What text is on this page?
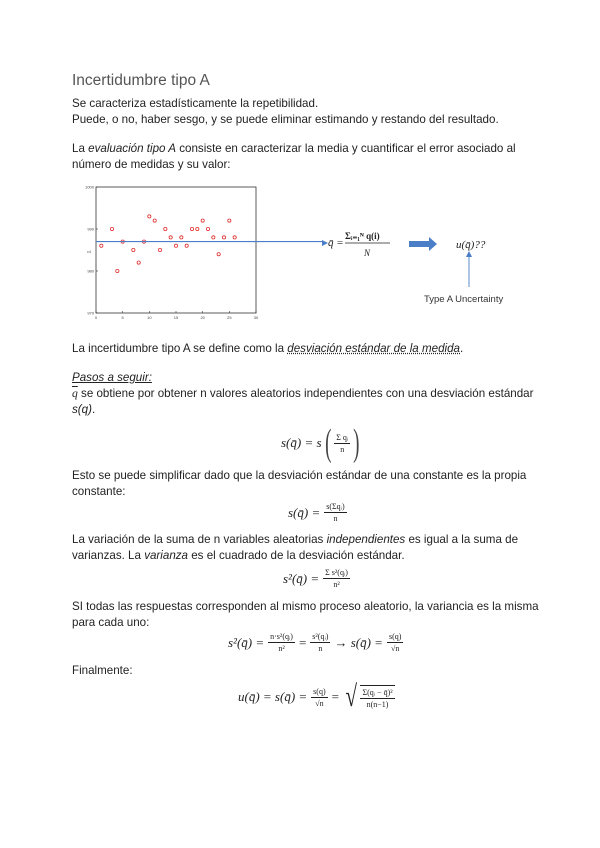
Incertidumbre tipo A
Se caracteriza estadísticamente la repetibilidad.
Puede, o no, haber sesgo, y se puede eliminar estimando y restando del resultado.
La evaluación tipo A consiste en caracterizar la media y cuantificar el error asociado al
número de medidas y su valor:
970
980
990
1000
0	5	10	15	20	25	30
c4
q̄ =
Σᵢ₌₁ᴺ q(i)
N
u(q̄)??
Type A Uncertainty
La incertidumbre tipo A se define como la desviación estándar de la medida.
Pasos a seguir:
$\overline{q}$ se obtiene por obtener n valores aleatorios independientes con una desviación estándar
s(q).
s(q̄) = s ( $\frac{\text{Σ qᵢ}}{n}$ )
Esto se puede simplificar dado que la desviación estándar de una constante es la propia
constante:
s(q̄) = $\frac{\text{s(Σqᵢ)}}{n}$
La variación de la suma de n variables aleatorias independientes es igual a la suma de
varianzas. La varianza es el cuadrado de la desviación estándar.
s²(q̄) = $\frac{\text{Σ s²(qᵢ)}}{\text{n²}}$
SI todas las respuestas corresponden al mismo proceso aleatorio, la variancia es la misma
para cada uno:
s²(q̄) = $\frac{\text{n·s²(qᵢ)}}{\text{n²}} = \frac{\text{s²(qᵢ)}}{n}$ → s(q̄) = $\frac{s(q)}{√n}$
Finalmente:
u(q̄) = s(q̄) = $\frac{s(q)}{√n}$ = √ $\frac{\text{Σ(qᵢ − q̄)²}}{n(n-1)}$
